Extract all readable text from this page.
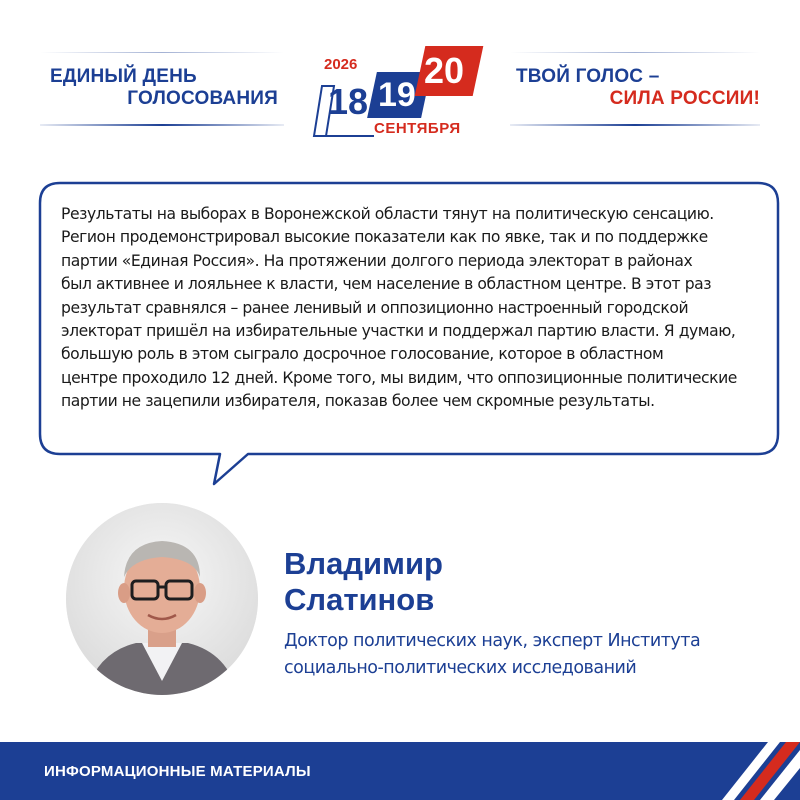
ЕДИНЫЙ ДЕНЬ
ГОЛОСОВАНИЯ
2026
18 19
20
СЕНТЯБРЯ
ТВОЙ ГОЛОС –
СИЛА РОССИИ!
Результаты на выборах в Воронежской области тянут на политическую сенсацию.
Регион продемонстрировал высокие показатели как по явке, так и по поддержке
партии «Единая Россия». На протяжении долгого периода электорат в районах
был активнее и лояльнее к власти, чем население в областном центре. В этот раз
результат сравнялся – ранее ленивый и оппозиционно настроенный городской
электорат пришёл на избирательные участки и поддержал партию власти. Я думаю,
большую роль в этом сыграло досрочное голосование, которое в областном
центре проходило 12 дней. Кроме того, мы видим, что оппозиционные политические
партии не зацепили избирателя, показав более чем скромные результаты.
Владимир
Слатинов
Доктор политических наук, эксперт Института
социально-политических исследований
ИНФОРМАЦИОННЫЕ МАТЕРИАЛЫ
